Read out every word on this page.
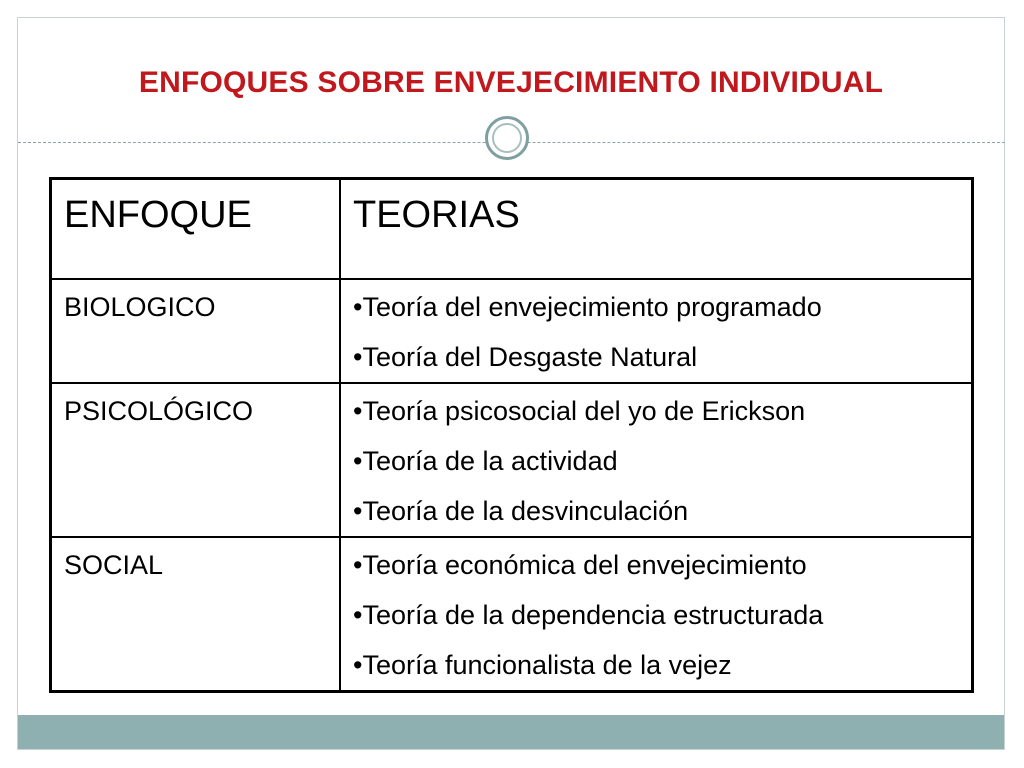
ENFOQUES SOBRE ENVEJECIMIENTO INDIVIDUAL
ENFOQUE	TEORIAS
BIOLOGICO	•Teoría del envejecimiento programado
•Teoría del Desgaste Natural

PSICOLÓGICO	•Teoría psicosocial del yo de Erickson
•Teoría de la actividad
•Teoría de la desvinculación

SOCIAL	•Teoría económica del envejecimiento
•Teoría de la dependencia estructurada
•Teoría funcionalista de la vejez
